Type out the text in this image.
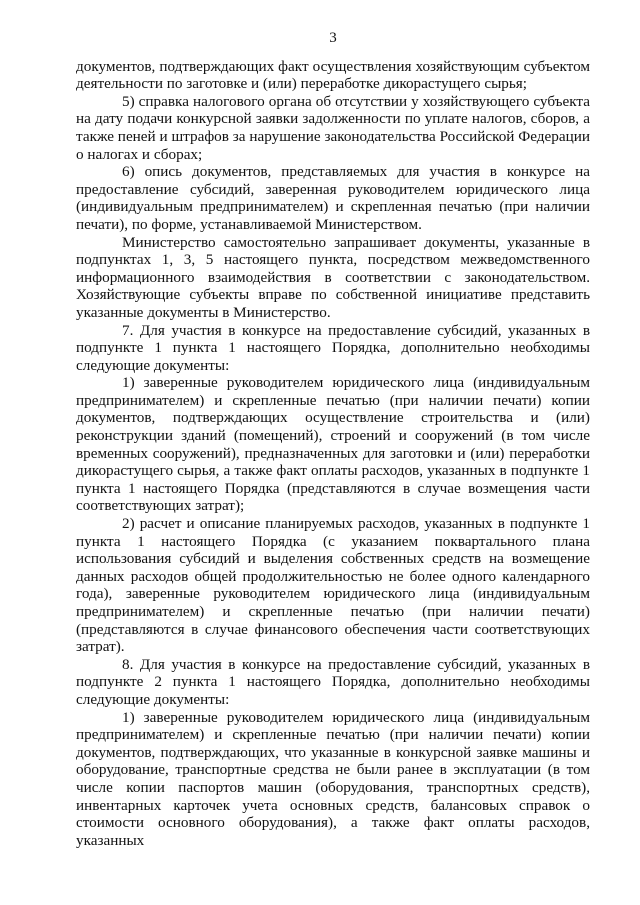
3

документов, подтверждающих факт осуществления хозяйствующим субъектом деятельности по заготовке и (или) переработке дикорастущего сырья;

5) справка налогового органа об отсутствии у хозяйствующего субъекта на дату подачи конкурсной заявки задолженности по уплате налогов, сборов, а также пеней и штрафов за нарушение законодательства Российской Федерации о налогах и сборах;

6) опись документов, представляемых для участия в конкурсе на предоставление субсидий, заверенная руководителем юридического лица (индивидуальным предпринимателем) и скрепленная печатью (при наличии печати), по форме, устанавливаемой Министерством.

Министерство самостоятельно запрашивает документы, указанные в подпунктах 1, 3, 5 настоящего пункта, посредством межведомственного информационного взаимодействия в соответствии с законодательством. Хозяйствующие субъекты вправе по собственной инициативе представить указанные документы в Министерство.

7. Для участия в конкурсе на предоставление субсидий, указанных в подпункте 1 пункта 1 настоящего Порядка, дополнительно необходимы следующие документы:

1) заверенные руководителем юридического лица (индивидуальным предпринимателем) и скрепленные печатью (при наличии печати) копии документов, подтверждающих осуществление строительства и (или) реконструкции зданий (помещений), строений и сооружений (в том числе временных сооружений), предназначенных для заготовки и (или) переработки дикорастущего сырья, а также факт оплаты расходов, указанных в подпункте 1 пункта 1 настоящего Порядка (представляются в случае возмещения части соответствующих затрат);

2) расчет и описание планируемых расходов, указанных в подпункте 1 пункта 1 настоящего Порядка (с указанием поквартального плана использования субсидий и выделения собственных средств на возмещение данных расходов общей продолжительностью не более одного календарного года), заверенные руководителем юридического лица (индивидуальным предпринимателем) и скрепленные печатью (при наличии печати) (представляются в случае финансового обеспечения части соответствующих затрат).

8. Для участия в конкурсе на предоставление субсидий, указанных в подпункте 2 пункта 1 настоящего Порядка, дополнительно необходимы следующие документы:

1) заверенные руководителем юридического лица (индивидуальным предпринимателем) и скрепленные печатью (при наличии печати) копии документов, подтверждающих, что указанные в конкурсной заявке машины и оборудование, транспортные средства не были ранее в эксплуатации (в том числе копии паспортов машин (оборудования, транспортных средств), инвентарных карточек учета основных средств, балансовых справок о стоимости основного оборудования), а также факт оплаты расходов, указанных
